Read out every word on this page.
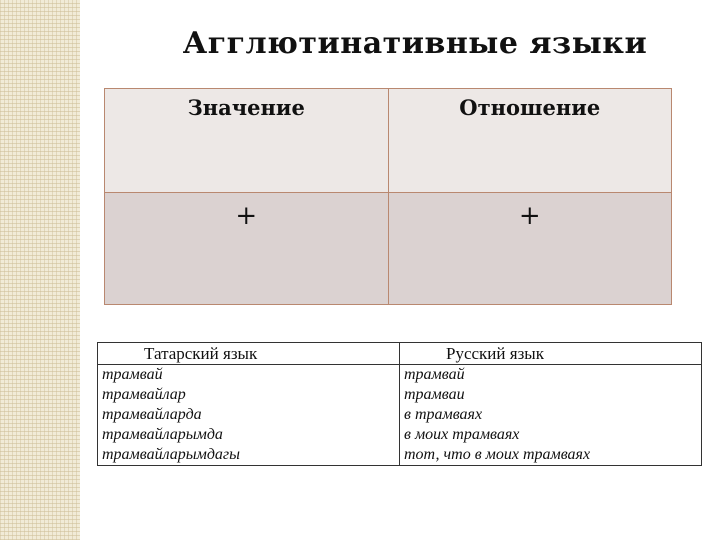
Агглютинативные языки
Значение	Отношение
+	+
Татарский язык	Русский язык
трамвай	трамвай
трамвайлар	трамваи
трамвайларда	в трамваях
трамвайларымда	в моих трамваях
трамвайларымдагы	тот, что в моих трамваях
